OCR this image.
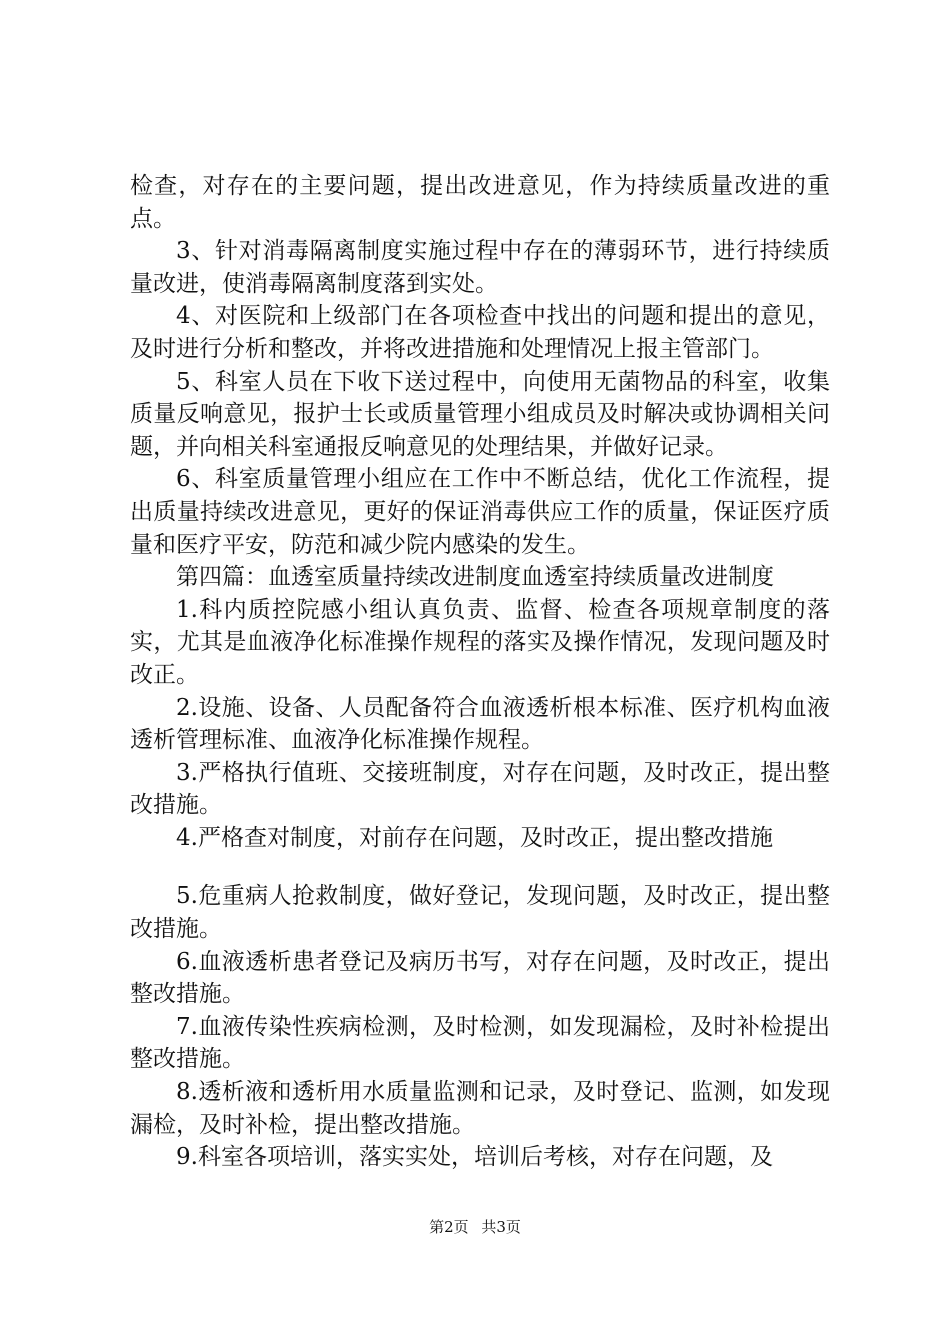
检查，对存在的主要问题，提出改进意见，作为持续质量改进的重点。

3、针对消毒隔离制度实施过程中存在的薄弱环节，进行持续质量改进，使消毒隔离制度落到实处。

4、对医院和上级部门在各项检查中找出的问题和提出的意见，及时进行分析和整改，并将改进措施和处理情况上报主管部门。

5、科室人员在下收下送过程中，向使用无菌物品的科室，收集质量反响意见，报护士长或质量管理小组成员及时解决或协调相关问题，并向相关科室通报反响意见的处理结果，并做好记录。

6、科室质量管理小组应在工作中不断总结，优化工作流程，提出质量持续改进意见，更好的保证消毒供应工作的质量，保证医疗质量和医疗平安，防范和减少院内感染的发生。

第四篇：血透室质量持续改进制度血透室持续质量改进制度

1.科内质控院感小组认真负责、监督、检查各项规章制度的落实，尤其是血液净化标准操作规程的落实及操作情况，发现问题及时改正。

2.设施、设备、人员配备符合血液透析根本标准、医疗机构血液透析管理标准、血液净化标准操作规程。

3.严格执行值班、交接班制度，对存在问题，及时改正，提出整改措施。

4.严格查对制度，对前存在问题，及时改正，提出整改措施

5.危重病人抢救制度，做好登记，发现问题，及时改正，提出整改措施。

6.血液透析患者登记及病历书写，对存在问题，及时改正，提出整改措施。

7.血液传染性疾病检测，及时检测，如发现漏检，及时补检提出整改措施。

8.透析液和透析用水质量监测和记录，及时登记、监测，如发现漏检，及时补检，提出整改措施。

9.科室各项培训，落实实处，培训后考核，对存在问题，及

第2页 共3页
